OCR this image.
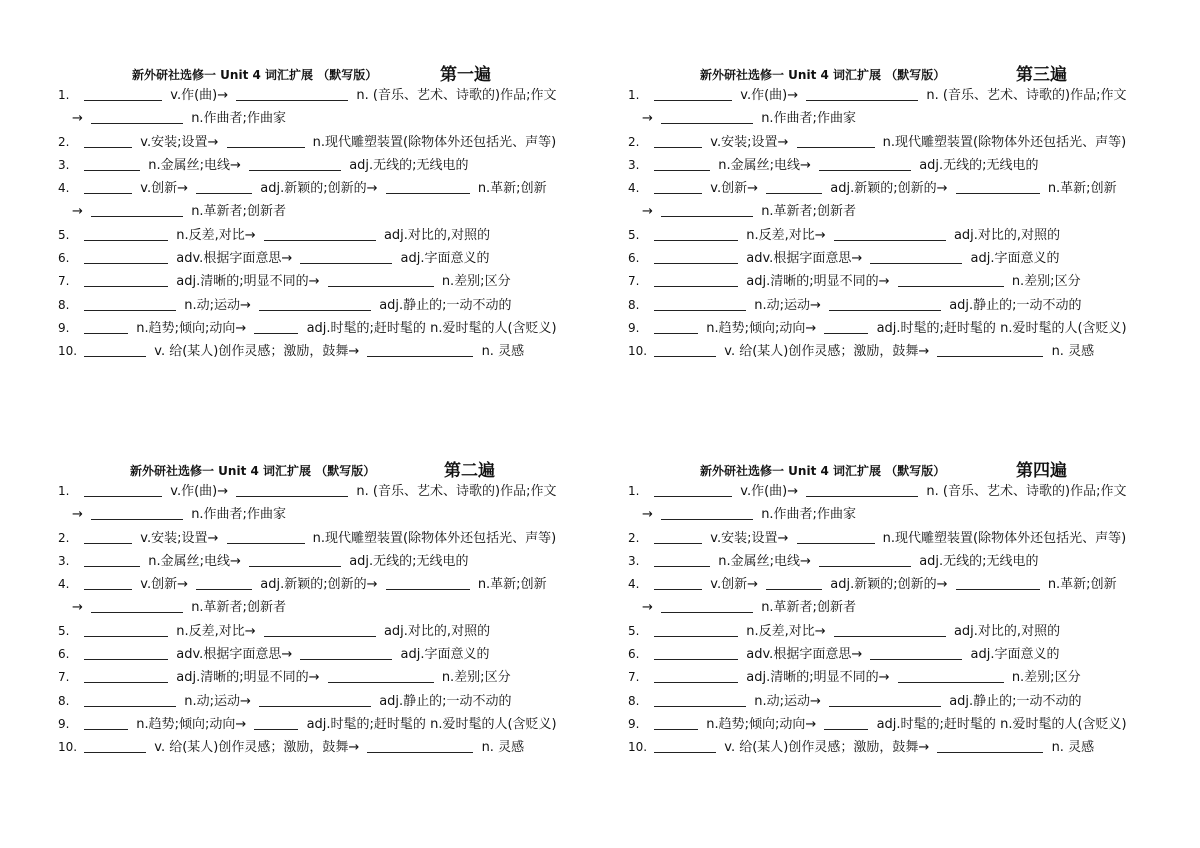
新外研社选修一 Unit 4 词汇扩展 （默写版）	第一遍
1.	v.作(曲)→	n. (音乐、艺术、诗歌的)作品;作文
→	n.作曲者;作曲家
2.	v.安装;设置→	n.现代雕塑装置(除物体外还包括光、声等)
3.	n.金属丝;电线→	adj.无线的;无线电的
4.	v.创新→	adj.新颖的;创新的→	n.革新;创新
→	n.革新者;创新者
5.	n.反差,对比→	adj.对比的,对照的
6.	adv.根据字面意思→	adj.字面意义的
7.	adj.清晰的;明显不同的→	n.差别;区分
8.	n.动;运动→	adj.静止的;一动不动的
9.	n.趋势;倾向;动向→	adj.时髦的;赶时髦的 n.爱时髦的人(含贬义)
10.	v. 给(某人)创作灵感；激励，鼓舞→	n. 灵感
新外研社选修一 Unit 4 词汇扩展 （默写版）	第三遍
1.	v.作(曲)→	n. (音乐、艺术、诗歌的)作品;作文
→	n.作曲者;作曲家
2.	v.安装;设置→	n.现代雕塑装置(除物体外还包括光、声等)
3.	n.金属丝;电线→	adj.无线的;无线电的
4.	v.创新→	adj.新颖的;创新的→	n.革新;创新
→	n.革新者;创新者
5.	n.反差,对比→	adj.对比的,对照的
6.	adv.根据字面意思→	adj.字面意义的
7.	adj.清晰的;明显不同的→	n.差别;区分
8.	n.动;运动→	adj.静止的;一动不动的
9.	n.趋势;倾向;动向→	adj.时髦的;赶时髦的 n.爱时髦的人(含贬义)
10.	v. 给(某人)创作灵感；激励，鼓舞→	n. 灵感
新外研社选修一 Unit 4 词汇扩展 （默写版）	第二遍
1.	v.作(曲)→	n. (音乐、艺术、诗歌的)作品;作文
→	n.作曲者;作曲家
2.	v.安装;设置→	n.现代雕塑装置(除物体外还包括光、声等)
3.	n.金属丝;电线→	adj.无线的;无线电的
4.	v.创新→	adj.新颖的;创新的→	n.革新;创新
→	n.革新者;创新者
5.	n.反差,对比→	adj.对比的,对照的
6.	adv.根据字面意思→	adj.字面意义的
7.	adj.清晰的;明显不同的→	n.差别;区分
8.	n.动;运动→	adj.静止的;一动不动的
9.	n.趋势;倾向;动向→	adj.时髦的;赶时髦的 n.爱时髦的人(含贬义)
10.	v. 给(某人)创作灵感；激励，鼓舞→	n. 灵感
新外研社选修一 Unit 4 词汇扩展 （默写版）	第四遍
1.	v.作(曲)→	n. (音乐、艺术、诗歌的)作品;作文
→	n.作曲者;作曲家
2.	v.安装;设置→	n.现代雕塑装置(除物体外还包括光、声等)
3.	n.金属丝;电线→	adj.无线的;无线电的
4.	v.创新→	adj.新颖的;创新的→	n.革新;创新
→	n.革新者;创新者
5.	n.反差,对比→	adj.对比的,对照的
6.	adv.根据字面意思→	adj.字面意义的
7.	adj.清晰的;明显不同的→	n.差别;区分
8.	n.动;运动→	adj.静止的;一动不动的
9.	n.趋势;倾向;动向→	adj.时髦的;赶时髦的 n.爱时髦的人(含贬义)
10.	v. 给(某人)创作灵感；激励，鼓舞→	n. 灵感
